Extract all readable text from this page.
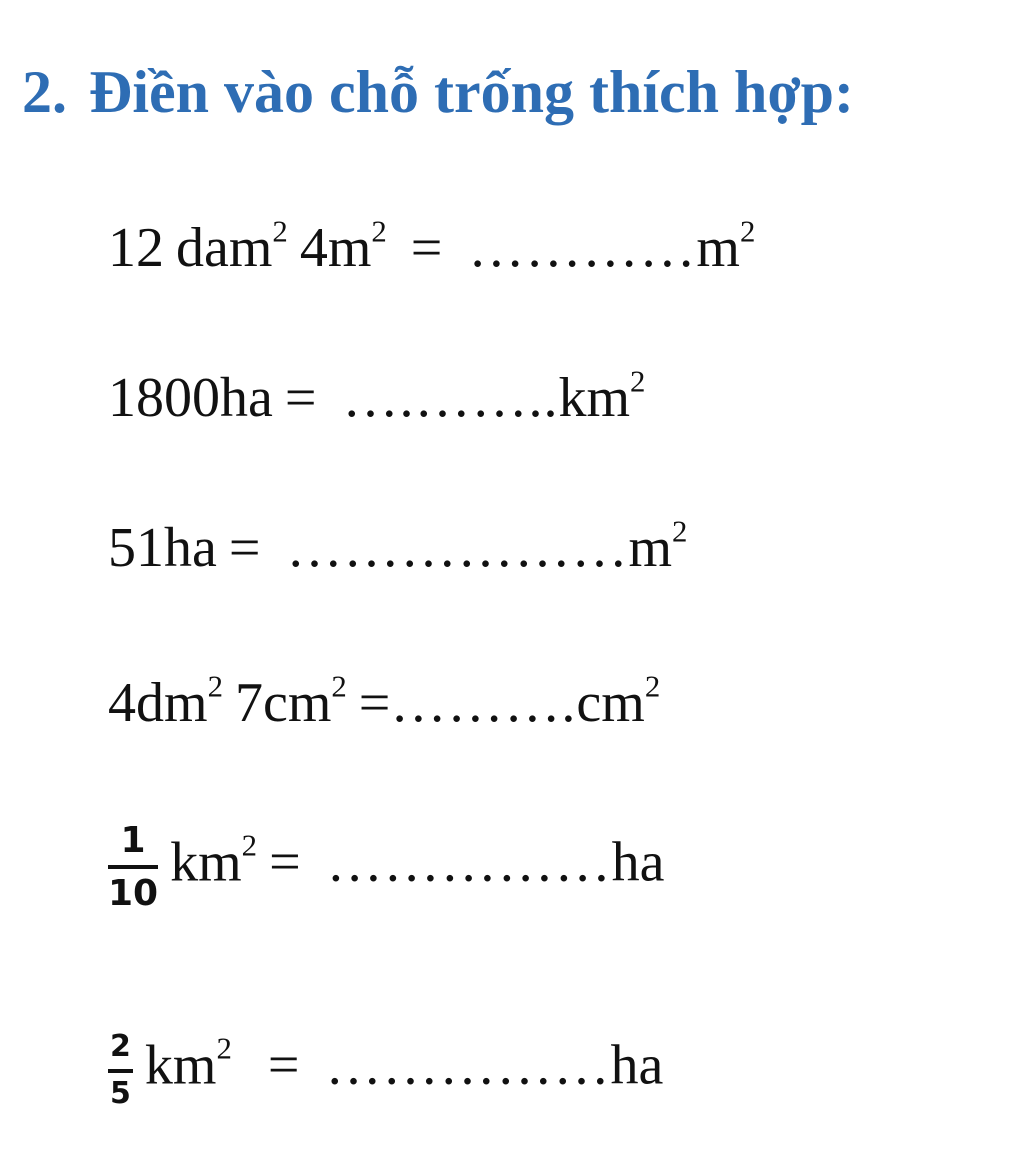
2. Điền vào chỗ trống thích hợp:
12 dam$^2$ $4m^2$ = $\dots\dots\dots\dots m^2$
$1800ha = \dots.\dots\dots..km^2$
$51ha = \dots\dots\dots\dots\dots\dots m^2$
$4dm^2$ $7cm^2$ $=\dots\dots\dots.cm^2$
$\frac{1}{10} km^2$ = ……………ha
$\frac{2}{5} km^2$ = ……………ha
